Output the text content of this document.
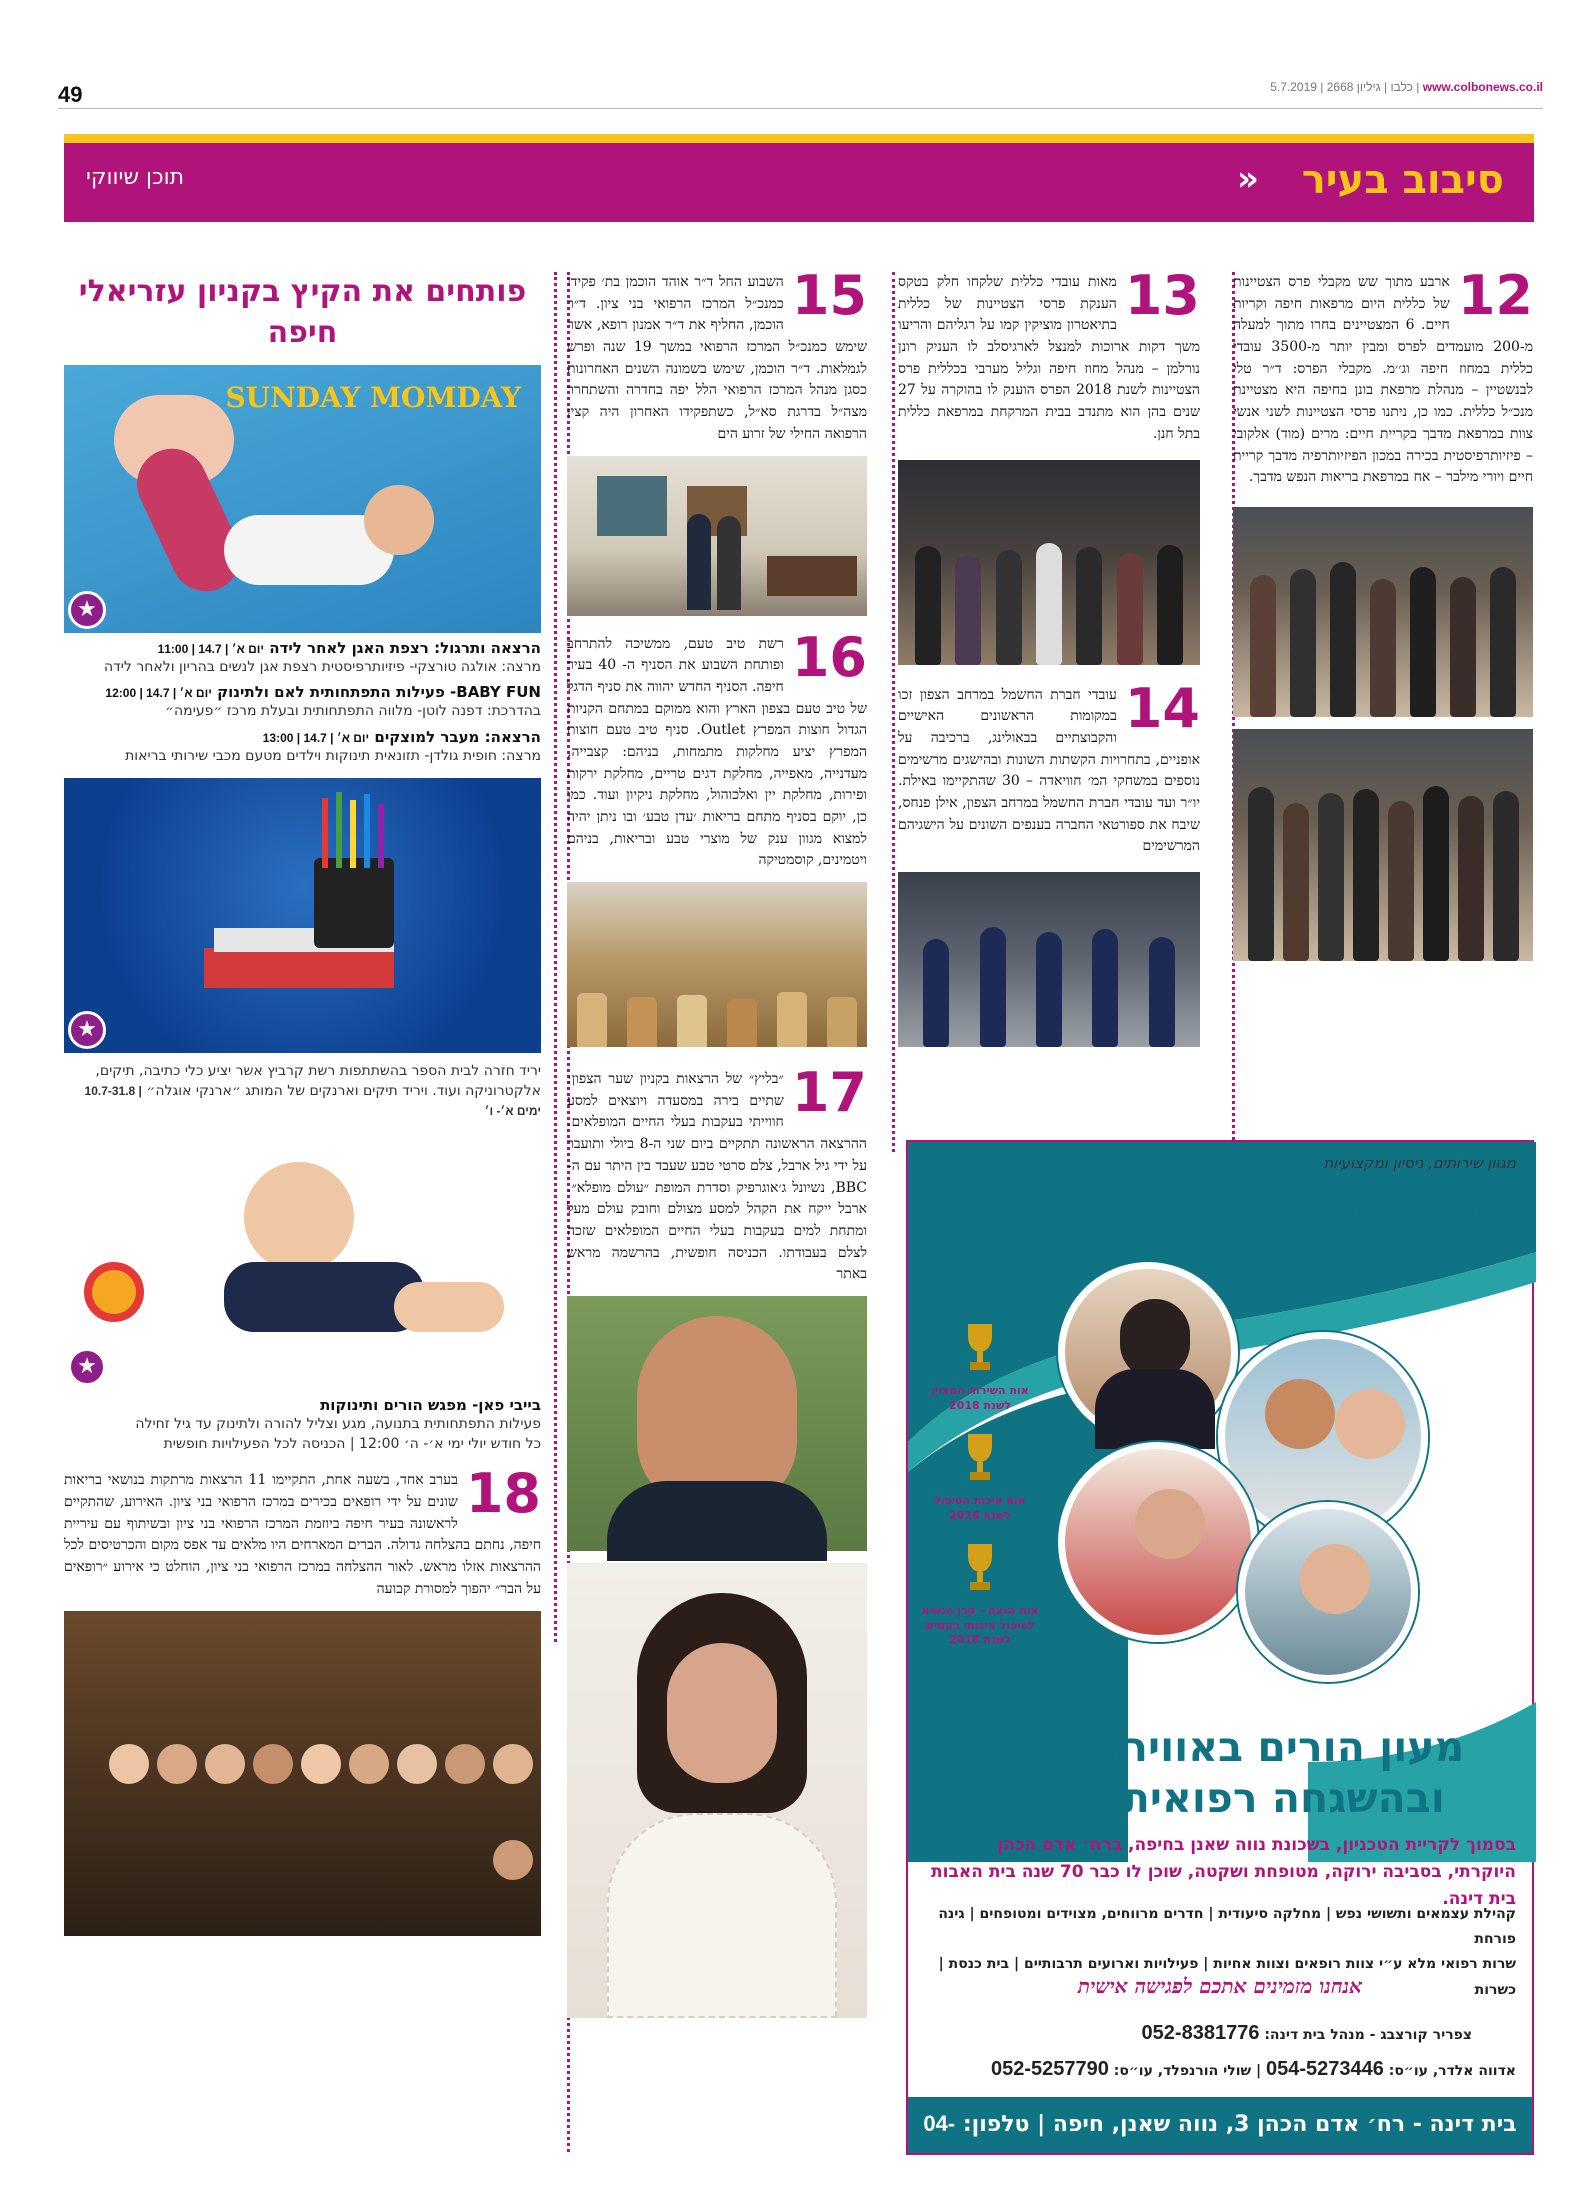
49	www.colbonews.co.il | כלבו | גיליון 2668 | 5.7.2019
סיבוב בעיר
«
תוכן שיווקי
12
ארבע מתוך שש מקבלי פרס הצטיינות של כללית היום מרפאות חיפה וקריות חיים. 6 המצטיינים בחרו מתוך למעלה מ-200 מועמדים לפרס ומבין יותר מ-3500 עובדי כללית במחוז חיפה וג׳׳מ. מקבלי הפרס: ד״ר טלי לבנשטיין – מנהלת מרפאת בונן בחיפה היא מצטיינת מנכ״ל כללית. כמו כן, ניתנו פרסי הצטיינות לשני אנשי צוות במרפאת מדבך בקריית חיים: מרים (מוד) אלקובי – פיזיותרפיסטית בכירה במכון הפיזיותרפיה מדבך קריית חיים ויורי מילבר – אח במרפאת בריאות הנפש מדבך.
13
מאות עובדי כללית שלקחו חלק בטקס הענקת פרסי הצטיינות של כללית בתיאטרון מוציקין קמו על רגליהם והריעו משך דקות ארוכות למנצל לארגיסלב לו העניק רונן נורלמן – מנהל מחוז חיפה וגליל מערבי בכללית פרס הצטיינות לשנת 2018 הפרס הוענק לו בהוקרה על 27 שנים בהן הוא מתנדב בבית המרקחת במרפאת כללית בתל חנן.
14
עובדי חברת החשמל במרחב הצפון זכו במקומות הראשונים האישיים והקבוצתיים בבאולינג, ברכיבה על אופניים, בתחרויות הקשתות השונות ובהישגים מרשימים נוספים במשחקי המ׳ חוויאדה – 30 שהתקיימו באילת. יו״ר ועד עובדי חברת החשמל במרחב הצפון, אילן פנחס, שיבח את ספורטאי החברה בענפים השונים על הישגיהם המרשימים
15
השבוע החל ד״ר אוהד הוכמן בת׳ פקידו כמנכ״ל המרכז הרפואי בני ציון. ד״ר הוכמן, החליף את ד״ר אמנון רופא, אשר שימש כמנכ״ל המרכז הרפואי במשך 19 שנה ופרש לגמלאות. ד״ר הוכמן, שימש בשמונה השנים האחרונות כסגן מנהל המרכז הרפואי הלל יפה בחדרה והשתחרר מצה״ל בדרגת סא״ל, כשתפקידו האחרון היה קצין הרפואה החילי של זרוע הים
16
רשת טיב טעם, ממשיכה להתרחב ופותחת השבוע את הסניף ה- 40 בעיר חיפה. הסניף החדש יהווה את סניף הדגל של טיב טעם בצפון הארץ והוא ממוקם במתחם הקניות הגדול חוצות המפרץ Outlet. סניף טיב טעם חוצות המפרץ יציע מחלקות מתמחות, בניהם: קצבייה, מעדנייה, מאפייה, מחלקת דגים טריים, מחלקת ירקות ופירות, מחלקת יין ואלכוהול, מחלקת ניקיון ועוד. כמו כן, יוקם בסניף מתחם בריאות ׳עדן טבע׳ ובו ניתן יהיה למצוא מגוון ענק של מוצרי טבע ובריאות, בניהם ויטמינים, קוסמטיקה
17
״בליץ״ של הרצאות בקניון שער הצפון: שתיים בירה במסעדה ויוצאים למסע חווייתי בעקבות בעלי החיים המופלאים. ההרצאה הראשונה תתקיים ביום שני ה-8 ביולי ותועבר על ידי גיל ארבל, צלם סרטי טבע שעבד בין היתר עם ה-BBC, נשיונל ג׳אוגרפיק וסדרת המופת ״עולם מופלא״. ארבל ייקח את הקהל למסע מצולם וחובק עולם מעל ומתחת למים בעקבות בעלי החיים המופלאים שזכה לצלם בעבודתו. הכניסה חופשית, בהרשמה מראש באתר
פותחים את הקיץ בקניון עזריאלי חיפה
SUNDAY MOMDAY
★
הרצאה ותרגול: רצפת האגן לאחר לידה יום א׳ | 14.7 | 11:00
מרצה: אולגה טורצקי- פיזיותרפיסטית רצפת אגן לנשים בהריון ולאחר לידה
BABY FUN- פעילות התפתחותית לאם ולתינוק יום א׳ | 14.7 | 12:00
בהדרכת: דפנה לוטן- מלווה התפתחותית ובעלת מרכז ״פעימה״
הרצאה: מעבר למוצקים יום א׳ | 14.7 | 13:00
מרצה: חופית גולדן- תזונאית תינוקות וילדים מטעם מכבי שירותי בריאות
★
יריד חזרה לבית הספר בהשתתפות רשת קרביץ אשר יציע כלי כתיבה, תיקים, אלקטרוניקה ועוד. ויריד תיקים וארנקים של המותג ״ארנקי אוגלה״ 10.7-31.8 | ימים א׳- ו׳
★
בייבי פאן- מפגש הורים ותינוקות
פעילות התפתחותית בתנועה, מגע וצליל להורה ולתינוק עד גיל זחילה
כל חודש יולי ימי א׳- ה׳ 12:00 | הכניסה לכל הפעילויות חופשית
18
בערב אחד, בשעה אחת, התקיימו 11 הרצאות מרתקות בנושאי בריאות שונים על ידי רופאים בכירים במרכז הרפואי בני ציון. האירוע, שהתקיים לראשונה בעיר חיפה ביוזמת המרכז הרפואי בני ציון ובשיתוף עם עיריית חיפה, נחתם בהצלחה גדולה. הברים המארחים היו מלאים עד אפס מקום והכרטיסים לכל ההרצאות אזלו מראש. לאור ההצלחה במרכז הרפואי בני ציון, הוחלט כי אירוע ״רופאים על הבר״ יהפוך למסורת קבועה
מגוון שירותים, ניסיון ומקצועיות
בית דינה המחודש
דיור איכותי למבוגרים
אות השירות המצוין
לשנת 2018
אות איכות הטיפול
לשנת 2018
אות הנצח - קרן הנשיא לטיפול איכותי בקשיש
לשנת 2018
מעון הורים באווירה ביתית ובהשגחה רפואית מלאה
בסמוך לקריית הטכניון, בשכונת נווה שאנן בחיפה, ברח׳ אדם הכהן היוקרתי, בסביבה ירוקה, מטופחת ושקטה, שוכן לו כבר 70 שנה בית האבות בית דינה.
קהילת עצמאים ותשושי נפש | מחלקה סיעודית | חדרים מרווחים, מצוידים ומטופחים | גינה פורחת
שרות רפואי מלא ע״י צוות רופאים וצוות אחיות | פעילויות וארועים תרבותיים | בית כנסת | כשרות
אנחנו מזמינים אתכם לפגישה אישית
צפריר קורצבג - מנהל בית דינה: 052-8381776
אדווה אלדר, עו״ס: 054-5273446 | שולי הורנפלד, עו״ס: 052-5257790
בית דינה - רח׳ אדם הכהן 3, נווה שאנן, חיפה | טלפון: 04-8323260
